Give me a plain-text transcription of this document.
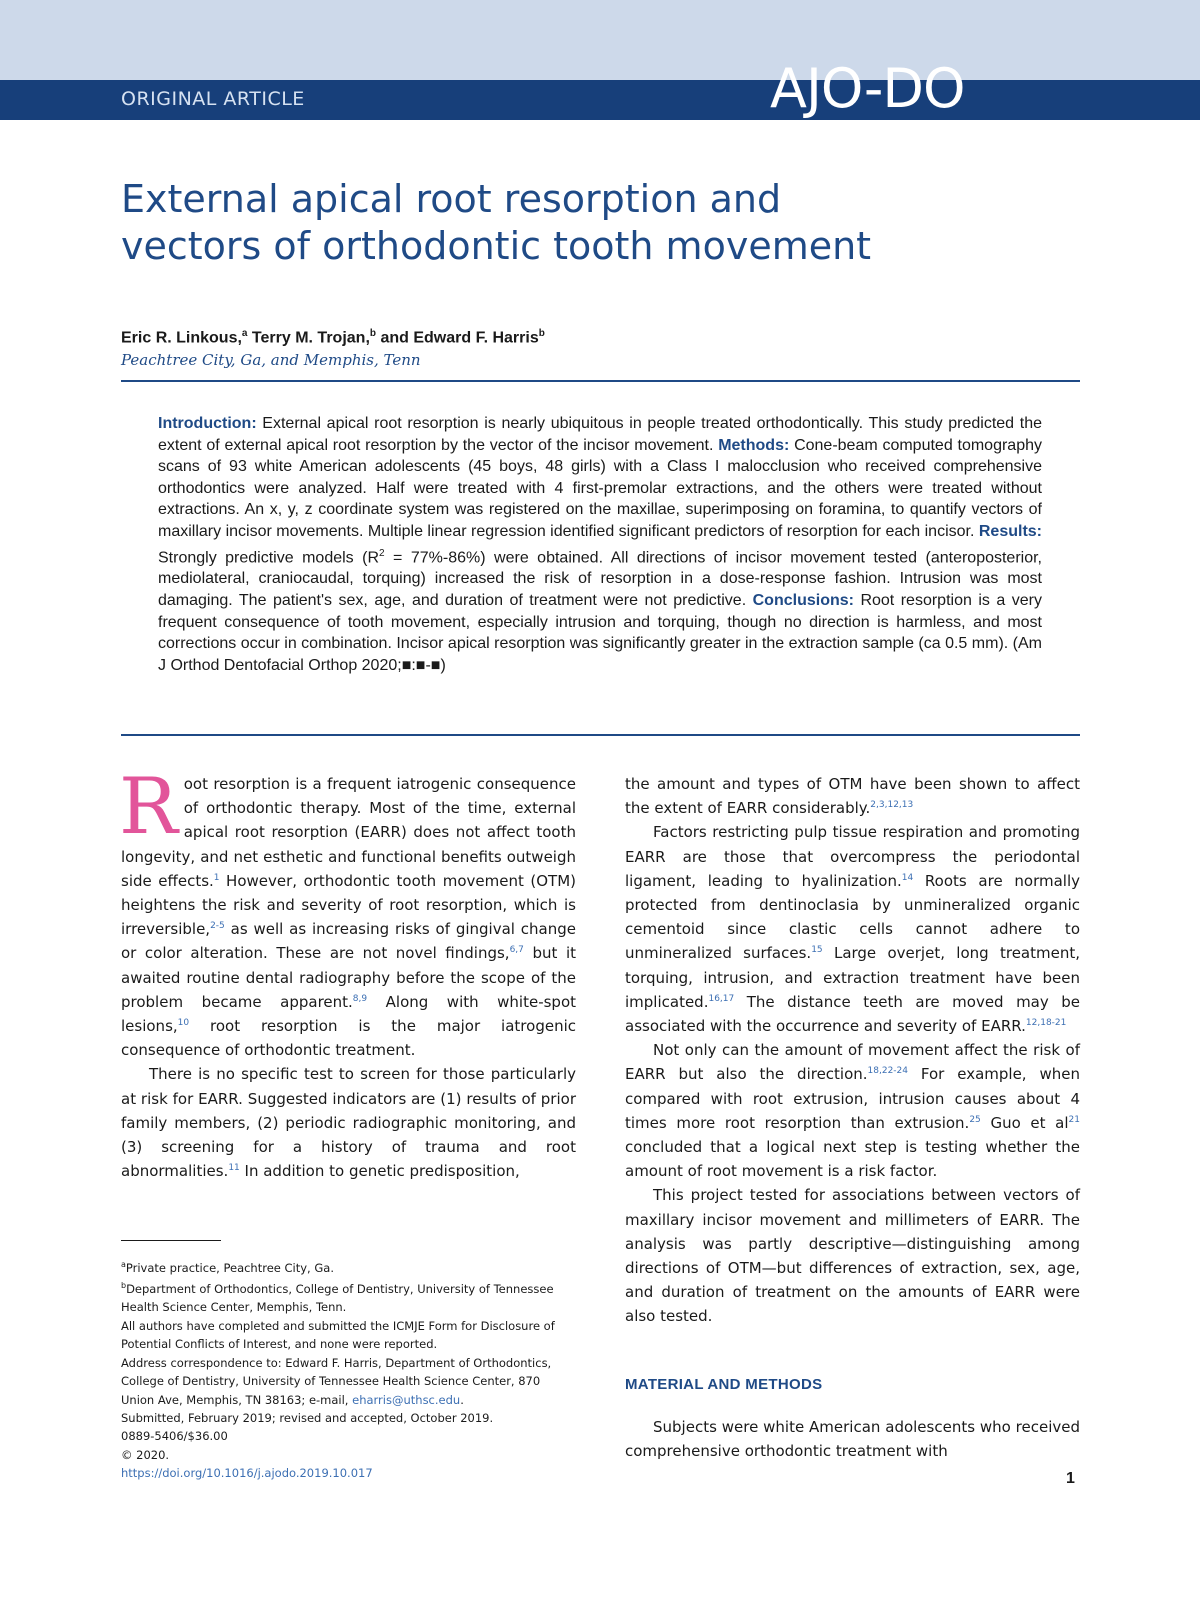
ORIGINAL ARTICLE	AJO-DO
External apical root resorption and
vectors of orthodontic tooth movement
Eric R. Linkous,$^a$ Terry M. Trojan,$^b$ and Edward F. Harris$^b$
Peachtree City, Ga, and Memphis, Tenn
Introduction: External apical root resorption is nearly ubiquitous in people treated orthodontically. This study predicted the extent of external apical root resorption by the vector of the incisor movement. Methods: Cone-beam computed tomography scans of 93 white American adolescents (45 boys, 48 girls) with a Class I malocclusion who received comprehensive orthodontics were analyzed. Half were treated with 4 first-premolar extractions, and the others were treated without extractions. An x, y, z coordinate system was registered on the maxillae, superimposing on foramina, to quantify vectors of maxillary incisor movements. Multiple linear regression identified significant predictors of resorption for each incisor. Results: Strongly predictive models $(R^2 = 77\%-86\%)$ were obtained. All directions of incisor movement tested (anteroposterior, mediolateral, craniocaudal, torquing) increased the risk of resorption in a dose-response fashion. Intrusion was most damaging. The patient's sex, age, and duration of treatment were not predictive. Conclusions: Root resorption is a very frequent consequence of tooth movement, especially intrusion and torquing, though no direction is harmless, and most corrections occur in combination. Incisor apical resorption was significantly greater in the extraction sample (ca 0.5 mm). (Am J Orthod Dentofacial Orthop 2020;■:■-■)

Root resorption is a frequent iatrogenic consequence of orthodontic therapy. Most of the time, external apical root resorption (EARR) does not affect tooth longevity, and net esthetic and functional benefits outweigh side effects.$^1$ However, orthodontic tooth movement (OTM) heightens the risk and severity of root resorption, which is irreversible,$^{2-5}$ as well as increasing risks of gingival change or color alteration. These are not novel findings,$^{6,7}$ but it awaited routine dental radiography before the scope of the problem became apparent.$^{8,9}$ Along with white-spot lesions,$^{10}$ root resorption is the major iatrogenic consequence of orthodontic treatment.

There is no specific test to screen for those particularly at risk for EARR. Suggested indicators are (1) results of prior family members, (2) periodic radiographic monitoring, and (3) screening for a history of trauma and root abnormalities.$^{11}$ In addition to genetic predisposition,

$^a$Private practice, Peachtree City, Ga.
$^b$Department of Orthodontics, College of Dentistry, University of Tennessee Health Science Center, Memphis, Tenn.
All authors have completed and submitted the ICMJE Form for Disclosure of Potential Conflicts of Interest, and none were reported.
Address correspondence to: Edward F. Harris, Department of Orthodontics, College of Dentistry, University of Tennessee Health Science Center, 870 Union Ave, Memphis, TN 38163; e-mail, eharris@uthsc.edu.
Submitted, February 2019; revised and accepted, October 2019.
0889-5406/$36.00
© 2020.
https://doi.org/10.1016/j.ajodo.2019.10.017

the amount and types of OTM have been shown to affect the extent of EARR considerably.$^{2,3,12,13}$

Factors restricting pulp tissue respiration and promoting EARR are those that overcompress the periodontal ligament, leading to hyalinization.$^{14}$ Roots are normally protected from dentinoclasia by unmineralized organic cementoid since clastic cells cannot adhere to unmineralized surfaces.$^{15}$ Large overjet, long treatment, torquing, intrusion, and extraction treatment have been implicated.$^{16,17}$ The distance teeth are moved may be associated with the occurrence and severity of EARR.$^{12,18-21}$

Not only can the amount of movement affect the risk of EARR but also the direction.$^{18,22-24}$ For example, when compared with root extrusion, intrusion causes about 4 times more root resorption than extrusion.$^{25}$ Guo et al$^{21}$ concluded that a logical next step is testing whether the amount of root movement is a risk factor.

This project tested for associations between vectors of maxillary incisor movement and millimeters of EARR. The analysis was partly descriptive—distinguishing among directions of OTM—but differences of extraction, sex, age, and duration of treatment on the amounts of EARR were also tested.

MATERIAL AND METHODS

Subjects were white American adolescents who received comprehensive orthodontic treatment with

1
